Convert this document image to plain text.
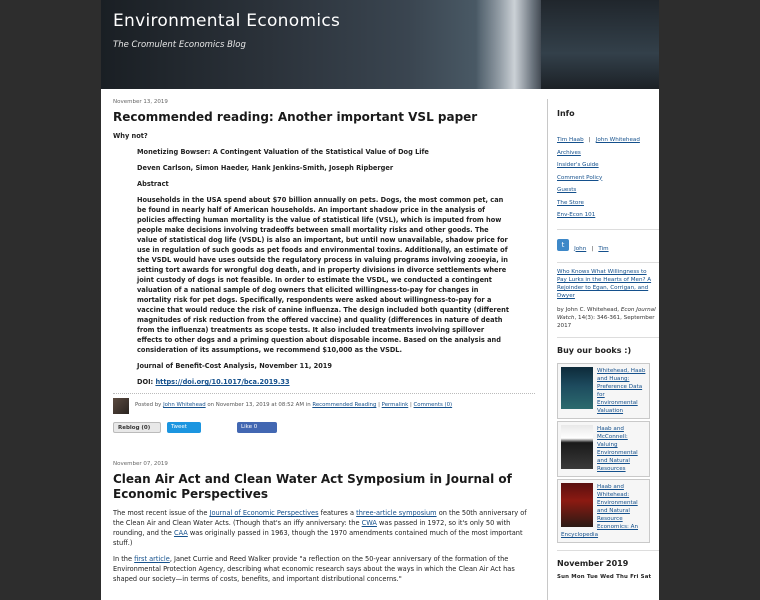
Environmental Economics
The Cromulent Economics Blog
November 13, 2019
Recommended reading: Another important VSL paper
Why not?
Monetizing Bowser: A Contingent Valuation of the Statistical Value of Dog Life
Deven Carlson, Simon Haeder, Hank Jenkins-Smith, Joseph Ripberger
Abstract
Households in the USA spend about $70 billion annually on pets. Dogs, the most common pet, can be found in nearly half of American households. An important shadow price in the analysis of policies affecting human mortality is the value of statistical life (VSL), which is imputed from how people make decisions involving tradeoffs between small mortality risks and other goods. The value of statistical dog life (VSDL) is also an important, but until now unavailable, shadow price for use in regulation of such goods as pet foods and environmental toxins. Additionally, an estimate of the VSDL would have uses outside the regulatory process in valuing programs involving zooeyia, in setting tort awards for wrongful dog death, and in property divisions in divorce settlements where joint custody of dogs is not feasible. In order to estimate the VSDL, we conducted a contingent valuation of a national sample of dog owners that elicited willingness-to-pay for changes in mortality risk for pet dogs. Specifically, respondents were asked about willingness-to-pay for a vaccine that would reduce the risk of canine influenza. The design included both quantity (different magnitudes of risk reduction from the offered vaccine) and quality (differences in nature of death from the influenza) treatments as scope tests. It also included treatments involving spillover effects to other dogs and a priming question about disposable income. Based on the analysis and consideration of its assumptions, we recommend $10,000 as the VSDL.
Journal of Benefit-Cost Analysis, November 11, 2019
DOI: https://doi.org/10.1017/bca.2019.33
Posted by John Whitehead on November 13, 2019 at 08:52 AM in Recommended Reading | Permalink | Comments (0)
Reblog (0)	Tweet	Like 0
November 07, 2019
Clean Air Act and Clean Water Act Symposium in Journal of Economic Perspectives
The most recent issue of the Journal of Economic Perspectives features a three-article symposium on the 50th anniversary of the Clean Air and Clean Water Acts. (Though that's an iffy anniversary: the CWA was passed in 1972, so it's only 50 with rounding, and the CAA was originally passed in 1963, though the 1970 amendments contained much of the most important stuff.)
In the first article, Janet Currie and Reed Walker provide "a reflection on the 50-year anniversary of the formation of the Environmental Protection Agency, describing what economic research says about the ways in which the Clean Air Act has shaped our society—in terms of costs, benefits, and important distributional concerns."
Info
Tim Haab | John Whitehead
Archives
Insider's Guide
Comment Policy
Guests
The Store
Env-Econ 101
t John | Tim
Who Knows What Willingness to Pay Lurks in the Hearts of Men? A Rejoinder to Egan, Corrigan, and Dwyer
by John C. Whitehead, Econ Journal Watch, 14(3): 346-361, September 2017
Buy our books :)
Whitehead, Haab and Huang: Preference Data for Environmental Valuation
Haab and McConnell: Valuing Environmental and Natural Resources
Haab and Whitehead: Environmental and Natural Resource Economics: An Encyclopedia
November 2019
Sun Mon Tue Wed Thu Fri Sat
